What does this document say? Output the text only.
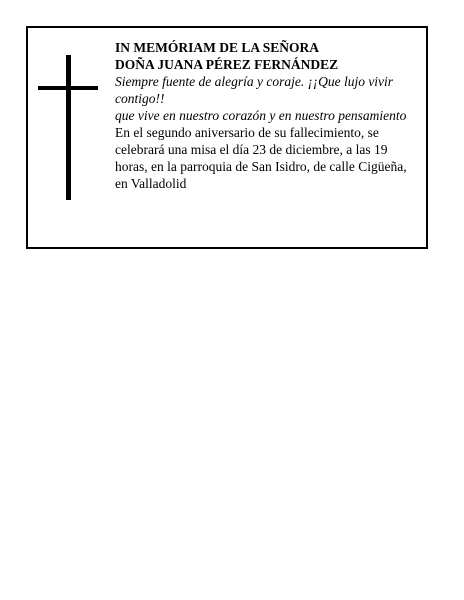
IN MEMÓRIAM DE LA SEÑORA
DOÑA JUANA PÉREZ FERNÁNDEZ
Siempre fuente de alegría y coraje. ¡¡Que lujo vivir contigo!!
que vive en nuestro corazón y en nuestro pensamiento
En el segundo aniversario de su fallecimiento, se celebrará una misa el día 23 de diciembre, a las 19 horas, en la parroquia de San Isidro, de calle Cigüeña, en Valladolid
